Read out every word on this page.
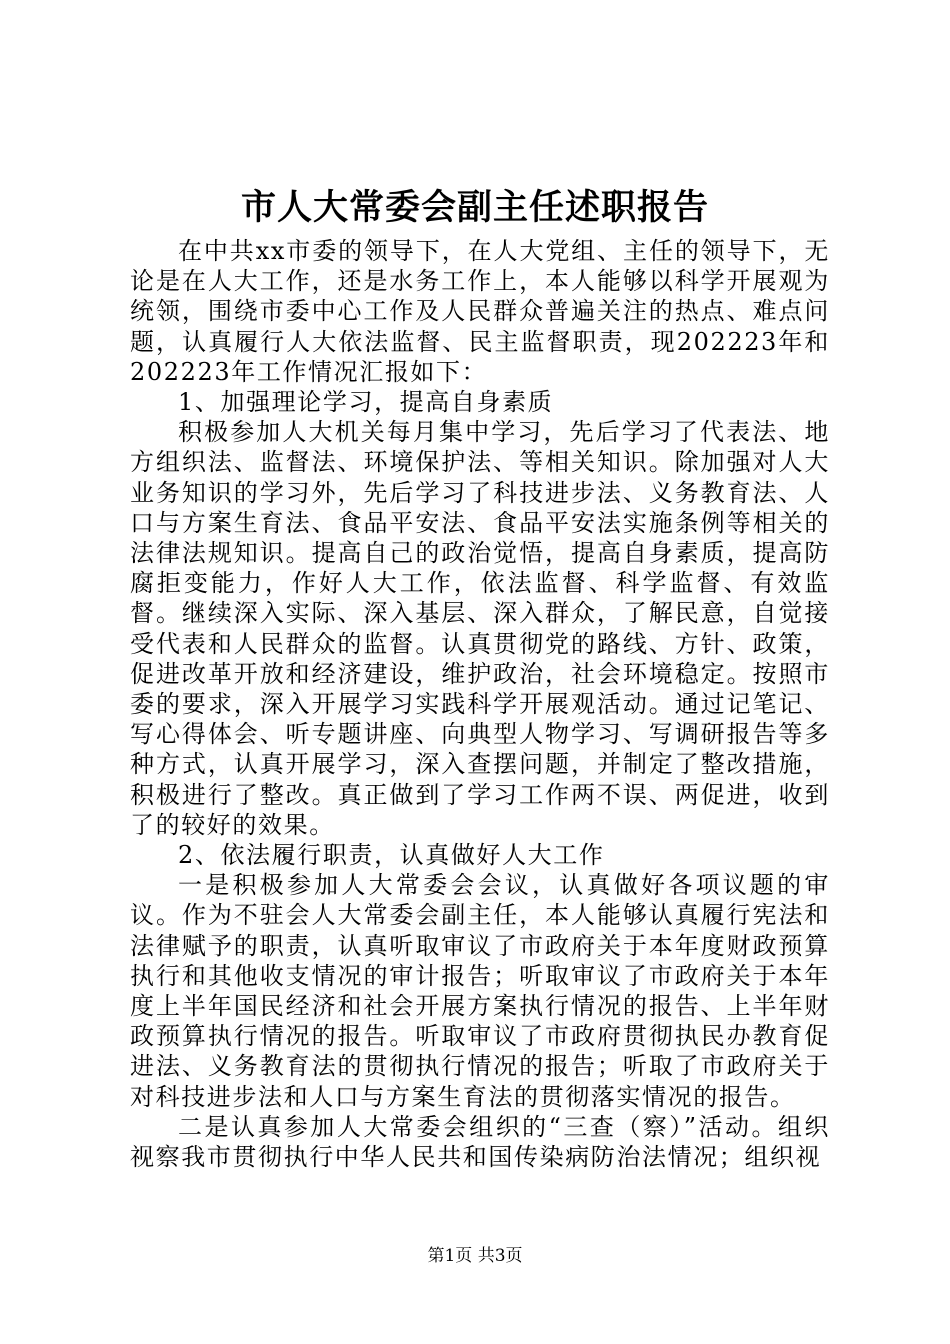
市人大常委会副主任述职报告

在中共xx市委的领导下，在人大党组、主任的领导下，无论是在人大工作，还是水务工作上，本人能够以科学开展观为统领，围绕市委中心工作及人民群众普遍关注的热点、难点问题，认真履行人大依法监督、民主监督职责，现202223年和202223年工作情况汇报如下：

1、加强理论学习，提高自身素质

积极参加人大机关每月集中学习，先后学习了代表法、地方组织法、监督法、环境保护法、等相关知识。除加强对人大业务知识的学习外，先后学习了科技进步法、义务教育法、人口与方案生育法、食品平安法、食品平安法实施条例等相关的法律法规知识。提高自己的政治觉悟，提高自身素质，提高防腐拒变能力，作好人大工作，依法监督、科学监督、有效监督。继续深入实际、深入基层、深入群众，了解民意，自觉接受代表和人民群众的监督。认真贯彻党的路线、方针、政策，促进改革开放和经济建设，维护政治，社会环境稳定。按照市委的要求，深入开展学习实践科学开展观活动。通过记笔记、写心得体会、听专题讲座、向典型人物学习、写调研报告等多种方式，认真开展学习，深入查摆问题，并制定了整改措施，积极进行了整改。真正做到了学习工作两不误、两促进，收到了的较好的效果。

2、依法履行职责，认真做好人大工作

一是积极参加人大常委会会议，认真做好各项议题的审议。作为不驻会人大常委会副主任，本人能够认真履行宪法和法律赋予的职责，认真听取审议了市政府关于本年度财政预算执行和其他收支情况的审计报告；听取审议了市政府关于本年度上半年国民经济和社会开展方案执行情况的报告、上半年财政预算执行情况的报告。听取审议了市政府贯彻执民办教育促进法、义务教育法的贯彻执行情况的报告；听取了市政府关于对科技进步法和人口与方案生育法的贯彻落实情况的报告。

二是认真参加人大常委会组织的“三查（察）”活动。组织视察我市贯彻执行中华人民共和国传染病防治法情况；组织视

第1页 共3页
